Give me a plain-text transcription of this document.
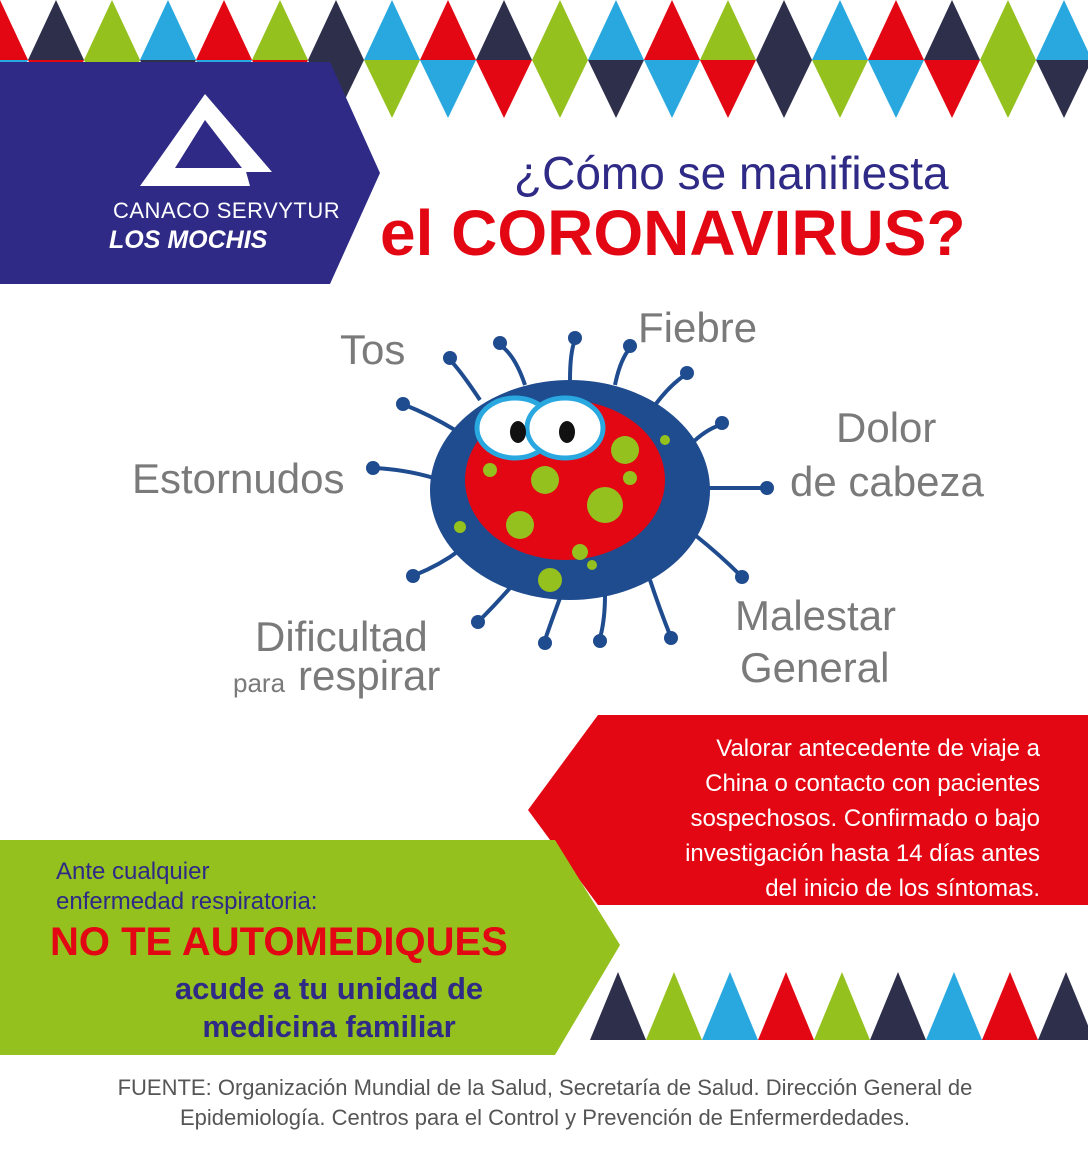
CANACO SERVYTUR
LOS MOCHIS
¿Cómo se manifiesta
el CORONAVIRUS?
Tos	Fiebre
Dolor
de cabeza
Estornudos
Dificultad
para respirar
Malestar
General
Valorar antecedente de viaje a
China o contacto con pacientes
sospechosos. Confirmado o bajo
investigación hasta 14 días antes
del inicio de los síntomas.
Ante cualquier
enfermedad respiratoria:
NO TE AUTOMEDIQUES
acude a tu unidad de
medicina familiar
FUENTE: Organización Mundial de la Salud, Secretaría de Salud. Dirección General de
Epidemiología. Centros para el Control y Prevención de Enfermerdedades.
